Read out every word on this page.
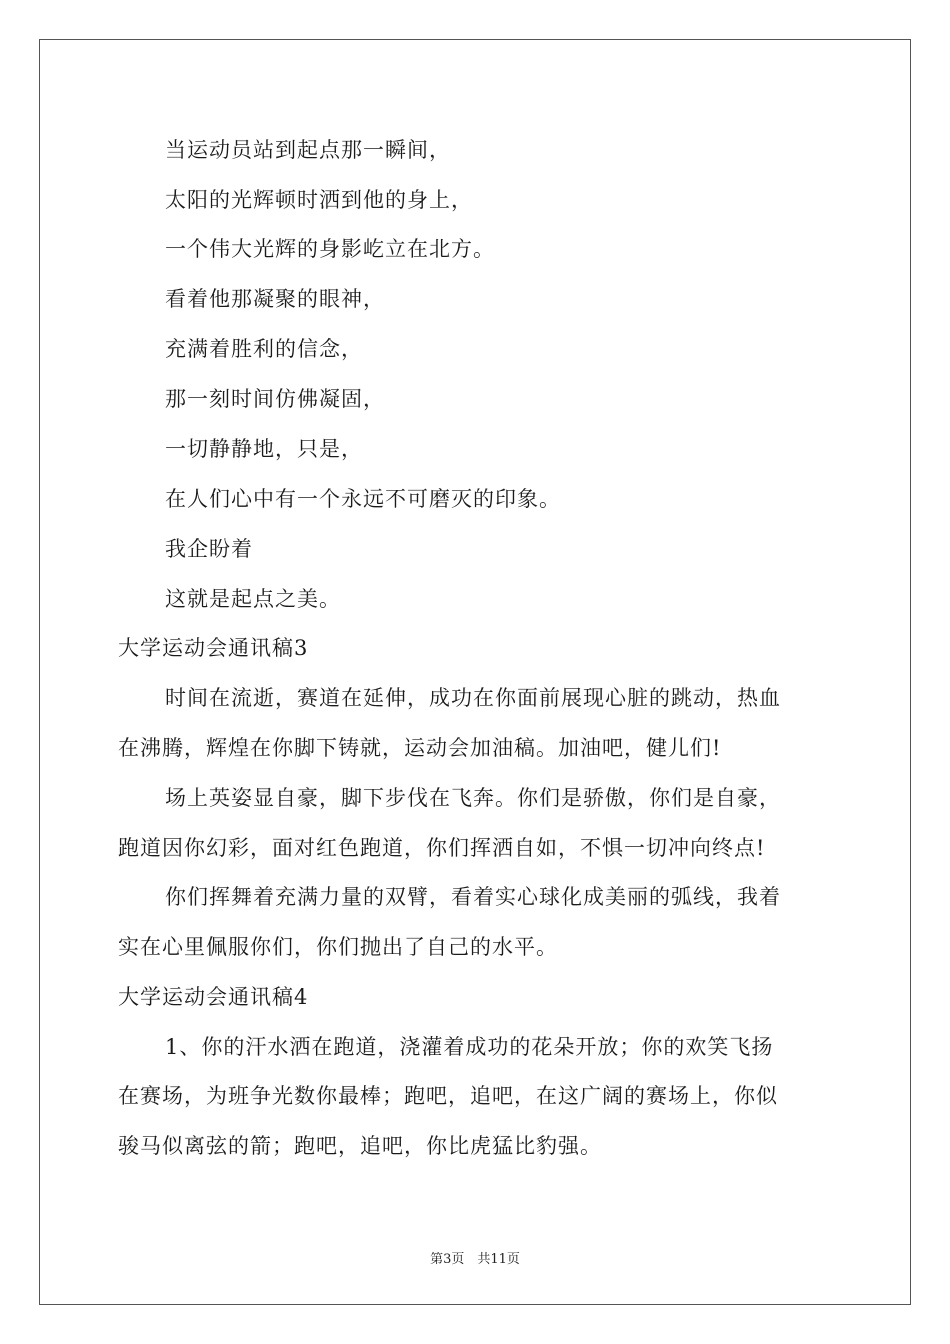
当运动员站到起点那一瞬间，
太阳的光辉顿时洒到他的身上，
一个伟大光辉的身影屹立在北方。
看着他那凝聚的眼神，
充满着胜利的信念，
那一刻时间仿佛凝固，
一切静静地，只是，
在人们心中有一个永远不可磨灭的印象。
我企盼着
这就是起点之美。
大学运动会通讯稿3
时间在流逝，赛道在延伸，成功在你面前展现心脏的跳动，热血
在沸腾，辉煌在你脚下铸就，运动会加油稿。加油吧，健儿们!
场上英姿显自豪，脚下步伐在飞奔。你们是骄傲，你们是自豪，
跑道因你幻彩，面对红色跑道，你们挥洒自如，不惧一切冲向终点!
你们挥舞着充满力量的双臂，看着实心球化成美丽的弧线，我着
实在心里佩服你们，你们抛出了自己的水平。
大学运动会通讯稿4
1、你的汗水洒在跑道，浇灌着成功的花朵开放；你的欢笑飞扬
在赛场，为班争光数你最棒；跑吧，追吧，在这广阔的赛场上，你似
骏马似离弦的箭；跑吧，追吧，你比虎猛比豹强。
第3页　共11页
